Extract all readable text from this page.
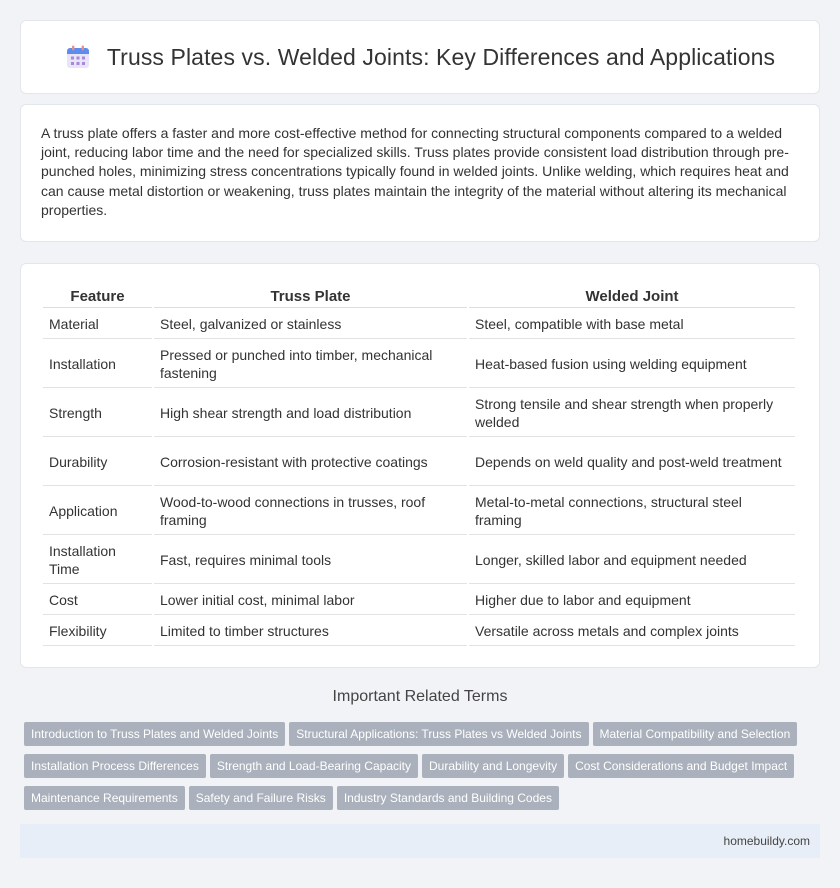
Truss Plates vs. Welded Joints: Key Differences and Applications

A truss plate offers a faster and more cost-effective method for connecting structural components compared to a welded joint, reducing labor time and the need for specialized skills. Truss plates provide consistent load distribution through pre-punched holes, minimizing stress concentrations typically found in welded joints. Unlike welding, which requires heat and can cause metal distortion or weakening, truss plates maintain the integrity of the material without altering its mechanical properties.

Feature	Truss Plate	Welded Joint
Material	Steel, galvanized or stainless	Steel, compatible with base metal
Installation	Pressed or punched into timber, mechanical fastening	Heat-based fusion using welding equipment
Strength	High shear strength and load distribution	Strong tensile and shear strength when properly welded
Durability	Corrosion-resistant with protective coatings	Depends on weld quality and post-weld treatment
Application	Wood-to-wood connections in trusses, roof framing	Metal-to-metal connections, structural steel framing
Installation Time	Fast, requires minimal tools	Longer, skilled labor and equipment needed
Cost	Lower initial cost, minimal labor	Higher due to labor and equipment
Flexibility	Limited to timber structures	Versatile across metals and complex joints
Important Related Terms
Introduction to Truss Plates and Welded Joints Structural Applications: Truss Plates vs Welded Joints Material Compatibility and Selection
Installation Process Differences Strength and Load-Bearing Capacity Durability and Longevity Cost Considerations and Budget Impact
Maintenance Requirements Safety and Failure Risks Industry Standards and Building Codes
homebuildy.com
